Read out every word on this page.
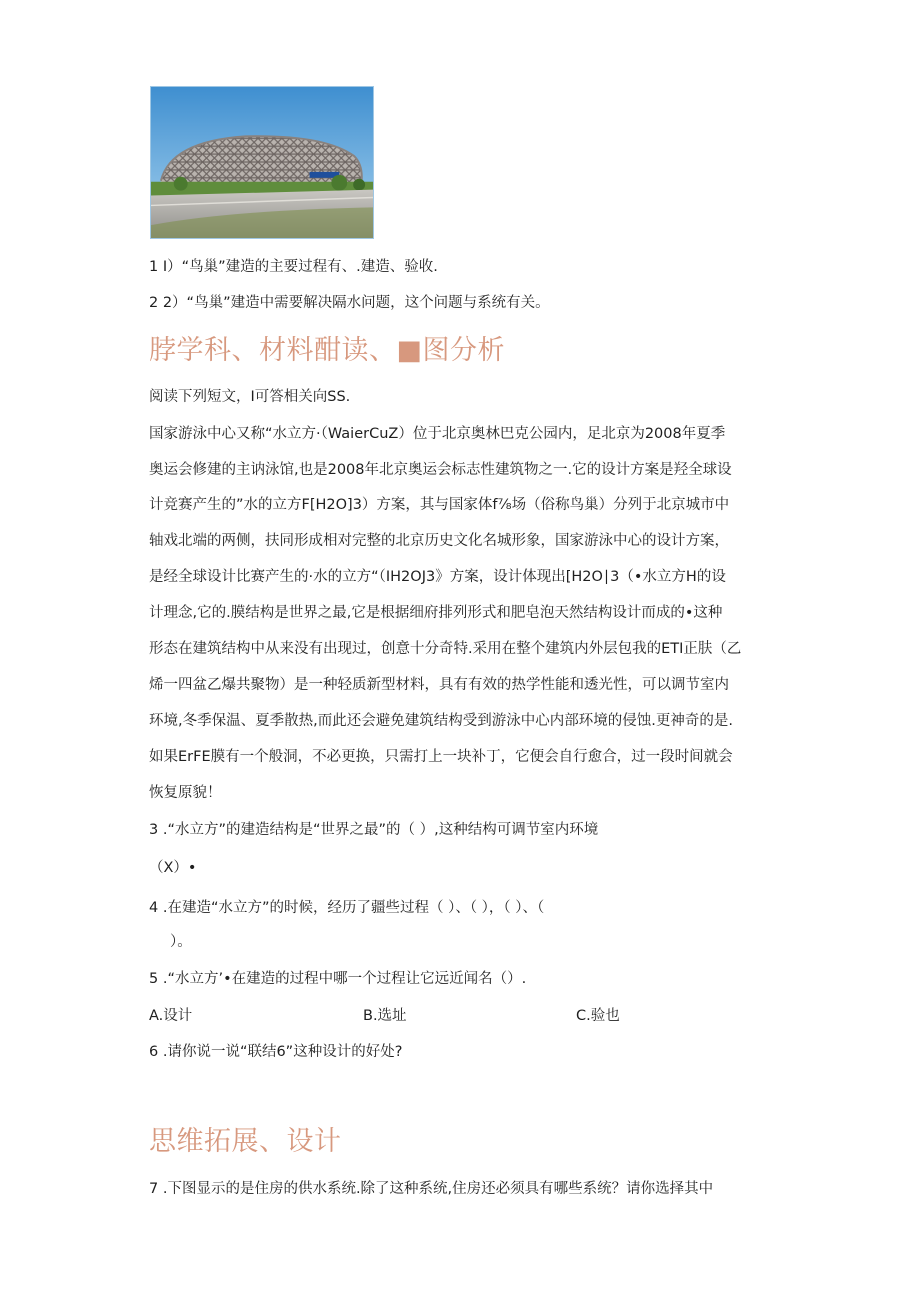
1 I）“鸟巢”建造的主要过程有、.建造、验收.
2 2）“鸟巢”建造中需要解决隔水问题，这个问题与系统有关。
脖学科、材料酣读、■图分析
阅读下列短文，I可答相关向SS.
国家游泳中心又称“水立方·（WaierCuZ）位于北京奥林巴克公园内，足北京为2008年夏季
奥运会修建的主讷泳馆,也是2008年北京奥运会标志性建筑物之一.它的设计方案是羟全球设
计竞赛产生的”水的立方F[H2O]3）方案，其与国家体f⅞场（俗称鸟巢）分列于北京城市中
轴戏北端的两侧，扶同形成相对完整的北京历史文化名城形象，国家游泳中心的设计方案，
是经全球设计比赛产生的·水的立方“（IH2OJ3》方案，设计体现出[H2O∣3（•水立方H的设
计理念,它的.膜结构是世界之最,它是根据细府排列形式和肥皂泡天然结构设计而成的•这种
形态在建筑结构中从来没有出现过，创意十分奇特.采用在整个建筑内外层包我的ETI正肤（乙
烯一四盆乙爆共聚物）是一种轻质新型材料，具有有效的热学性能和透光性，可以调节室内
环境,冬季保温、夏季散热,而此还会避免建筑结构受到游泳中心内部环境的侵蚀.更神奇的是.
如果ErFE膜有一个般洞，不必更换，只需打上一块补丁，它便会自行愈合，过一段时间就会
恢复原貌！
3 .“水立方”的建造结构是“世界之最”的（ ）,这种结构可调节室内环境
（X）•
4 .在建造“水立方”的时候，经历了疆些过程（ ）、（ ），（ ）、（
）。
5 .“水立方’•在建造的过程中哪一个过程让它远近闻名（）.
A.设计	B.选址	C.验也
6 .请你说一说“联结6”这种设计的好处?
思维拓展、设计
7 .下图显示的是住房的供水系统.除了这种系统,住房还必须具有哪些系统？请你选择其中
